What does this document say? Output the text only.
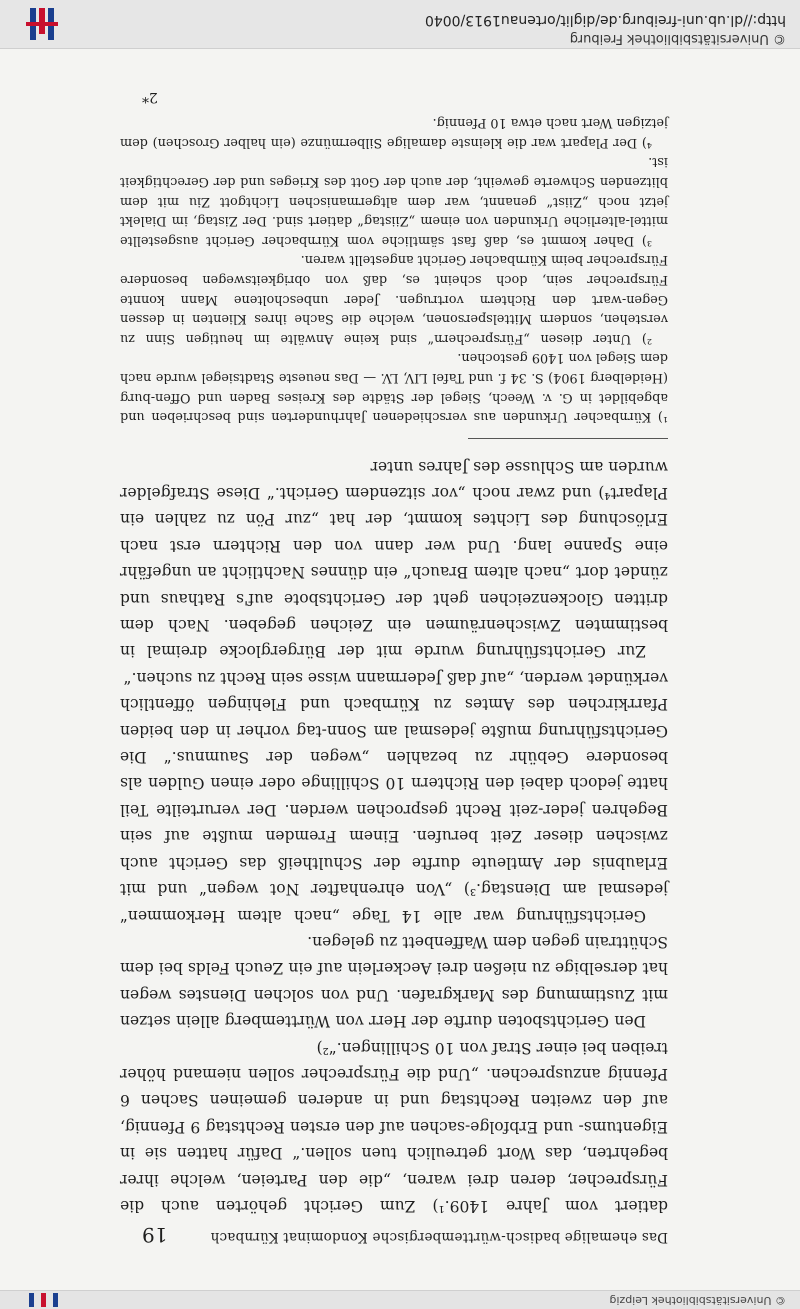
© Universitätsbibliothek Leipzig
Das ehemalige badisch-württembergische Kondominat Kürnbach
19

datiert vom Jahre 1409.¹) Zum Gericht gehörten auch die Fürsprecher, deren drei waren, „die den Parteien, welche ihrer begehrten, das Wort getreulich tuen sollen.“ Dafür hatten sie in Eigentums- und Erbfolge-sachen auf den ersten Rechtstag 9 Pfennig, auf den zweiten Rechtstag und in anderen gemeinen Sachen 6 Pfennig anzusprechen. „Und die Fürsprecher sollen niemand höher treiben bei einer Straf von 10 Schillingen.“²)

Den Gerichtsboten durfte der Herr von Württemberg allein setzen mit Zustimmung des Markgrafen. Und von solchen Dienstes wegen hat derselbige zu nießen drei Aeckerlein auf ein Zeuch Felds bei dem Schüttrain gegen dem Waffenbett zu gelegen.

Gerichtsführung war alle 14 Tage „nach altem Herkommen“ jedesmal am Dienstag.³) „Von ehrenhafter Not wegen“ und mit Erlaubnis der Amtleute durfte der Schultheiß das Gericht auch zwischen dieser Zeit berufen. Einem Fremden mußte auf sein Begehren jeder-zeit Recht gesprochen werden. Der verurteilte Teil hatte jedoch dabei den Richtern 10 Schillinge oder einen Gulden als besondere Gebühr zu bezahlen „wegen der Saumnus.“ Die Gerichtsführung mußte jedesmal am Sonn-tag vorher in den beiden Pfarrkirchen des Amtes zu Kürnbach und Flehingen öffentlich verkündet werden, „auf daß Jedermann wisse sein Recht zu suchen.“

Zur Gerichtsführung wurde mit der Bürgerglocke dreimal in bestimmten Zwischenräumen ein Zeichen gegeben. Nach dem dritten Glockenzeichen geht der Gerichtsbote auf's Rathaus und zündet dort „nach altem Brauch“ ein dünnes Nachtlicht an ungefähr eine Spanne lang. Und wer dann von den Richtern erst nach Erlöschung des Lichtes kommt, der hat „zur Pön zu zahlen ein Plapart⁴) und zwar noch „vor sitzendem Gericht.“ Diese Strafgelder wurden am Schlusse des Jahres unter

¹) Kürnbacher Urkunden aus verschiedenen Jahrhunderten sind beschrieben und abgebildet in G. v. Weech, Siegel der Städte des Kreises Baden und Offen-burg (Heidelberg 1904) S. 34 f. und Tafel LIV, LV. — Das neueste Stadtsiegel wurde nach dem Siegel von 1409 gestochen.

²) Unter diesen „Fürsprechern“ sind keine Anwälte im heutigen Sinn zu verstehen, sondern Mittelspersonen, welche die Sache ihres Klienten in dessen Gegen-wart den Richtern vortrugen. Jeder unbescholtene Mann konnte Fürsprecher sein, doch scheint es, daß von obrigkeitswegen besondere Fürsprecher beim Kürnbacher Gericht angestellt waren.

³) Daher kommt es, daß fast sämtliche vom Kürnbacher Gericht ausgestellte mittel-alterliche Urkunden von einem „Ziistag“ datiert sind. Der Zistag, im Dialekt jetzt noch „Ziist“ genannt, war dem altgermanischen Lichtgott Ziu mit dem blitzenden Schwerte geweiht, der auch der Gott des Krieges und der Gerechtigkeit ist.

⁴) Der Plapart war die kleinste damalige Silbermünze (ein halber Groschen) dem jetzigen Wert nach etwa 10 Pfennig.

2*
© Universitätsbibliothek Freiburg
http://dl.ub.uni-freiburg.de/diglit/ortenau1913/0040
